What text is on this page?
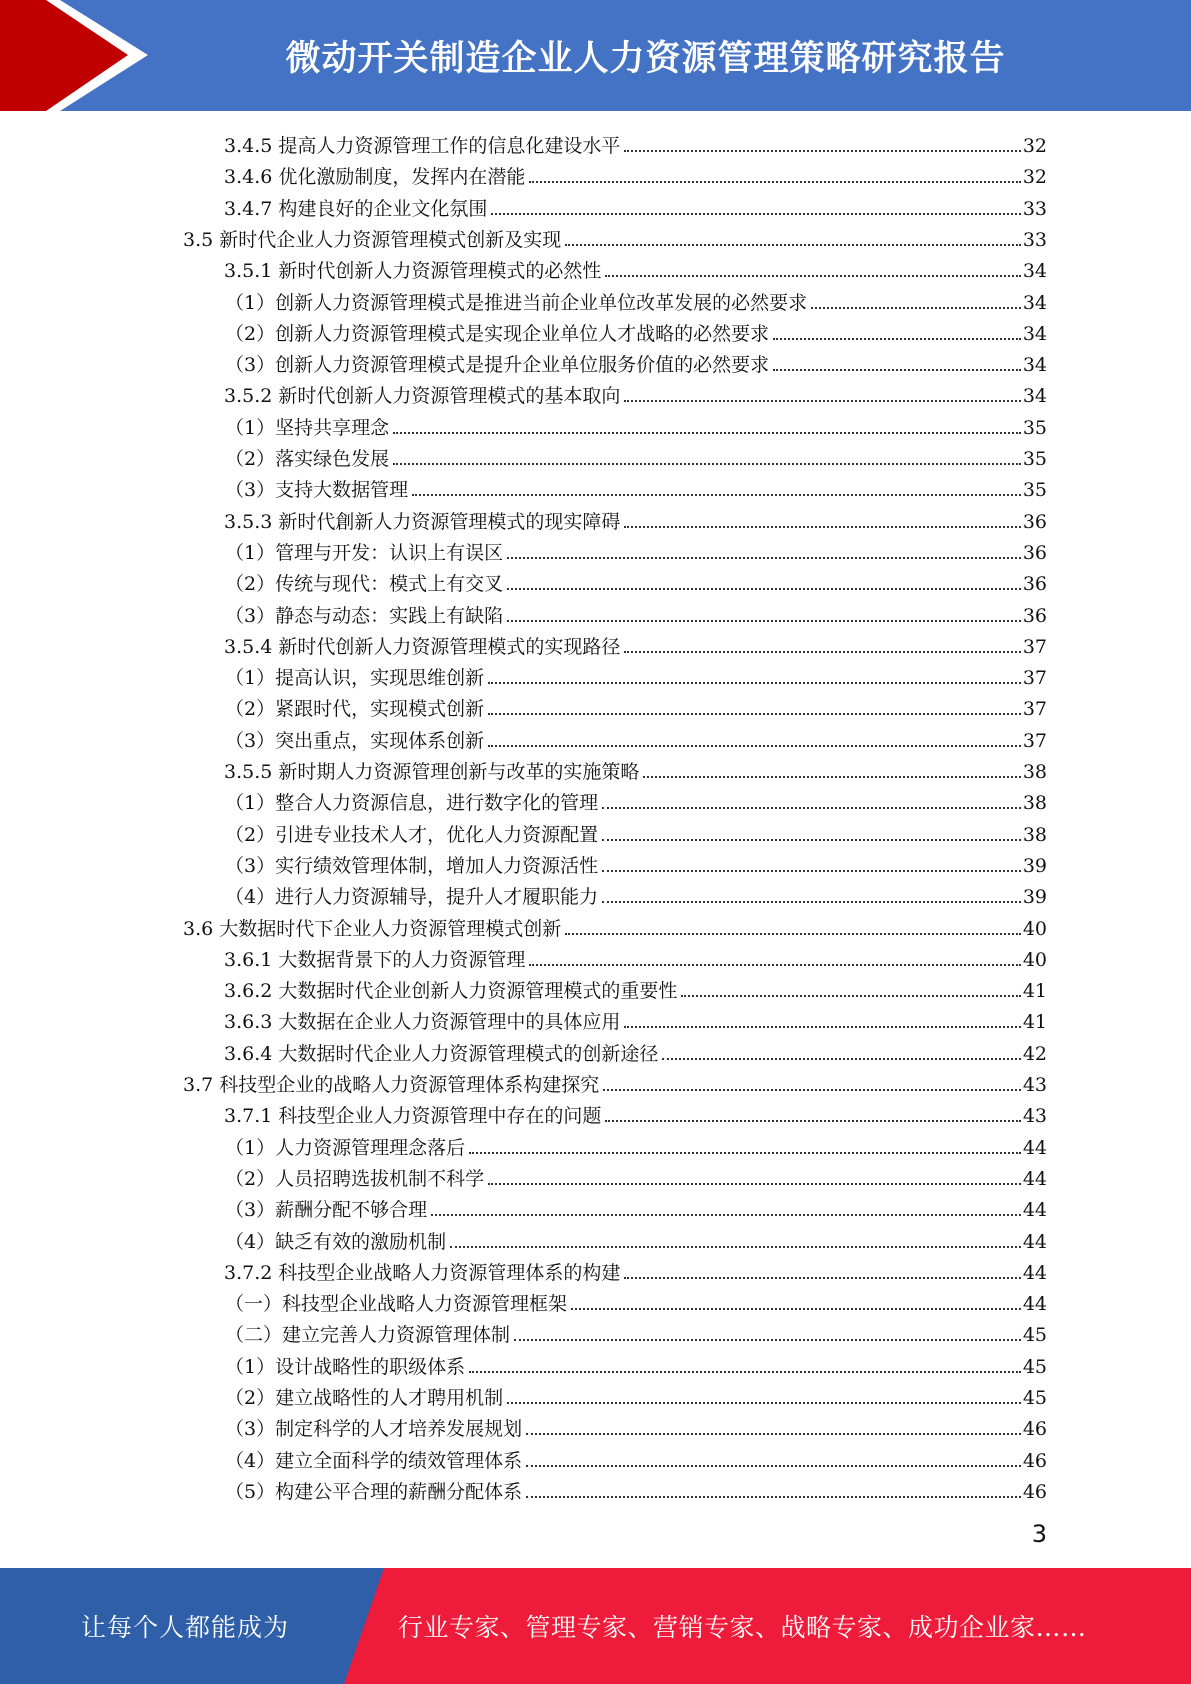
微动开关制造企业人力资源管理策略研究报告
3.4.5 提高人力资源管理工作的信息化建设水平	32
3.4.6 优化激励制度，发挥内在潜能	32
3.4.7 构建良好的企业文化氛围	33
3.5 新时代企业人力资源管理模式创新及实现	33
3.5.1 新时代创新人力资源管理模式的必然性	34
（1）创新人力资源管理模式是推进当前企业单位改革发展的必然要求	34
（2）创新人力资源管理模式是实现企业单位人才战略的必然要求	34
（3）创新人力资源管理模式是提升企业单位服务价值的必然要求	34
3.5.2 新时代创新人力资源管理模式的基本取向	34
（1）坚持共享理念	35
（2）落实绿色发展	35
（3）支持大数据管理	35
3.5.3 新时代創新人力资源管理模式的现实障碍	36
（1）管理与开发：认识上有误区	36
（2）传统与现代：模式上有交叉	36
（3）静态与动态：实践上有缺陷	36
3.5.4 新时代创新人力资源管理模式的实现路径	37
（1）提高认识，实现思维创新	37
（2）紧跟时代，实现模式创新	37
（3）突出重点，实现体系创新	37
3.5.5 新时期人力资源管理创新与改革的实施策略	38
（1）整合人力资源信息，进行数字化的管理	38
（2）引进专业技术人才，优化人力资源配置	38
（3）实行绩效管理体制，增加人力资源活性	39
（4）进行人力资源辅导，提升人才履职能力	39
3.6 大数据时代下企业人力资源管理模式创新	40
3.6.1 大数据背景下的人力资源管理	40
3.6.2 大数据时代企业创新人力资源管理模式的重要性	41
3.6.3 大数据在企业人力资源管理中的具体应用	41
3.6.4 大数据时代企业人力资源管理模式的创新途径	42
3.7 科技型企业的战略人力资源管理体系构建探究	43
3.7.1 科技型企业人力资源管理中存在的问题	43
（1）人力资源管理理念落后	44
（2）人员招聘选拔机制不科学	44
（3）薪酬分配不够合理	44
（4）缺乏有效的激励机制	44
3.7.2 科技型企业战略人力资源管理体系的构建	44
（一）科技型企业战略人力资源管理框架	44
（二）建立完善人力资源管理体制	45
（1）设计战略性的职级体系	45
（2）建立战略性的人才聘用机制	45
（3）制定科学的人才培养发展规划	46
（4）建立全面科学的绩效管理体系	46
（5）构建公平合理的薪酬分配体系	46
3
让每个人都能成为	行业专家、管理专家、营销专家、战略专家、成功企业家……
